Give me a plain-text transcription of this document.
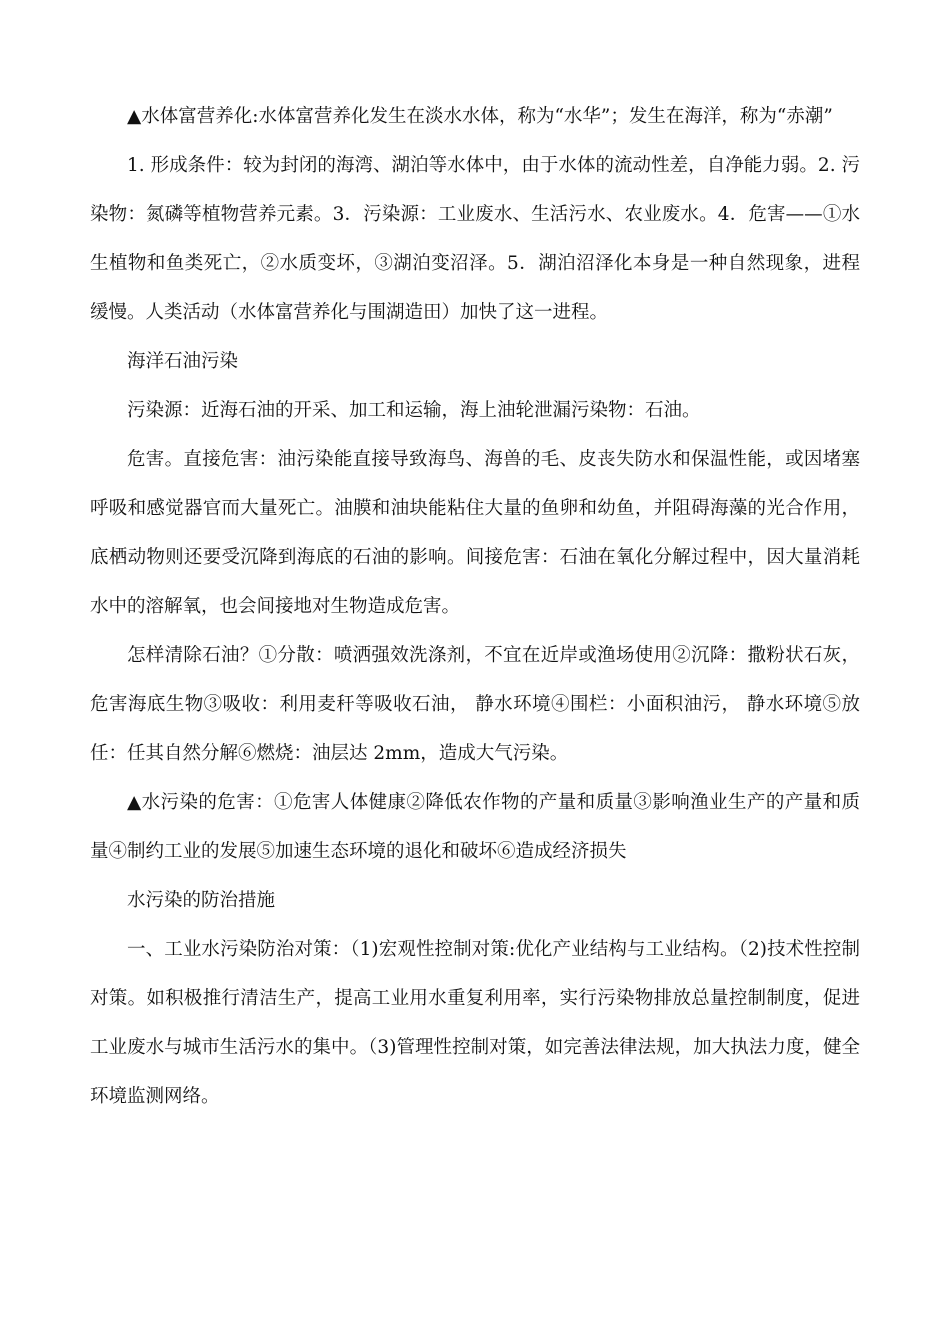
▲水体富营养化:水体富营养化发生在淡水水体，称为“水华”；发生在海洋，称为“赤潮”

1. 形成条件：较为封闭的海湾、湖泊等水体中，由于水体的流动性差，自净能力弱。2. 污染物：氮磷等植物营养元素。3．污染源：工业废水、生活污水、农业废水。4．危害——①水生植物和鱼类死亡，②水质变坏，③湖泊变沼泽。5．湖泊沼泽化本身是一种自然现象，进程缓慢。人类活动（水体富营养化与围湖造田）加快了这一进程。

海洋石油污染

污染源：近海石油的开采、加工和运输，海上油轮泄漏污染物：石油。

危害。直接危害：油污染能直接导致海鸟、海兽的毛、皮丧失防水和保温性能，或因堵塞呼吸和感觉器官而大量死亡。油膜和油块能粘住大量的鱼卵和幼鱼，并阻碍海藻的光合作用，底栖动物则还要受沉降到海底的石油的影响。间接危害：石油在氧化分解过程中，因大量消耗水中的溶解氧，也会间接地对生物造成危害。

怎样清除石油？①分散：喷洒强效洗涤剂，不宜在近岸或渔场使用②沉降：撒粉状石灰，危害海底生物③吸收：利用麦秆等吸收石油， 静水环境④围栏：小面积油污， 静水环境⑤放任：任其自然分解⑥燃烧：油层达 2mm，造成大气污染。

▲水污染的危害：①危害人体健康②降低农作物的产量和质量③影响渔业生产的产量和质量④制约工业的发展⑤加速生态环境的退化和破坏⑥造成经济损失

水污染的防治措施

一、工业水污染防治对策：（1)宏观性控制对策:优化产业结构与工业结构。（2)技术性控制对策。如积极推行清洁生产，提高工业用水重复利用率，实行污染物排放总量控制制度，促进工业废水与城市生活污水的集中。（3)管理性控制对策，如完善法律法规，加大执法力度，健全环境监测网络。
